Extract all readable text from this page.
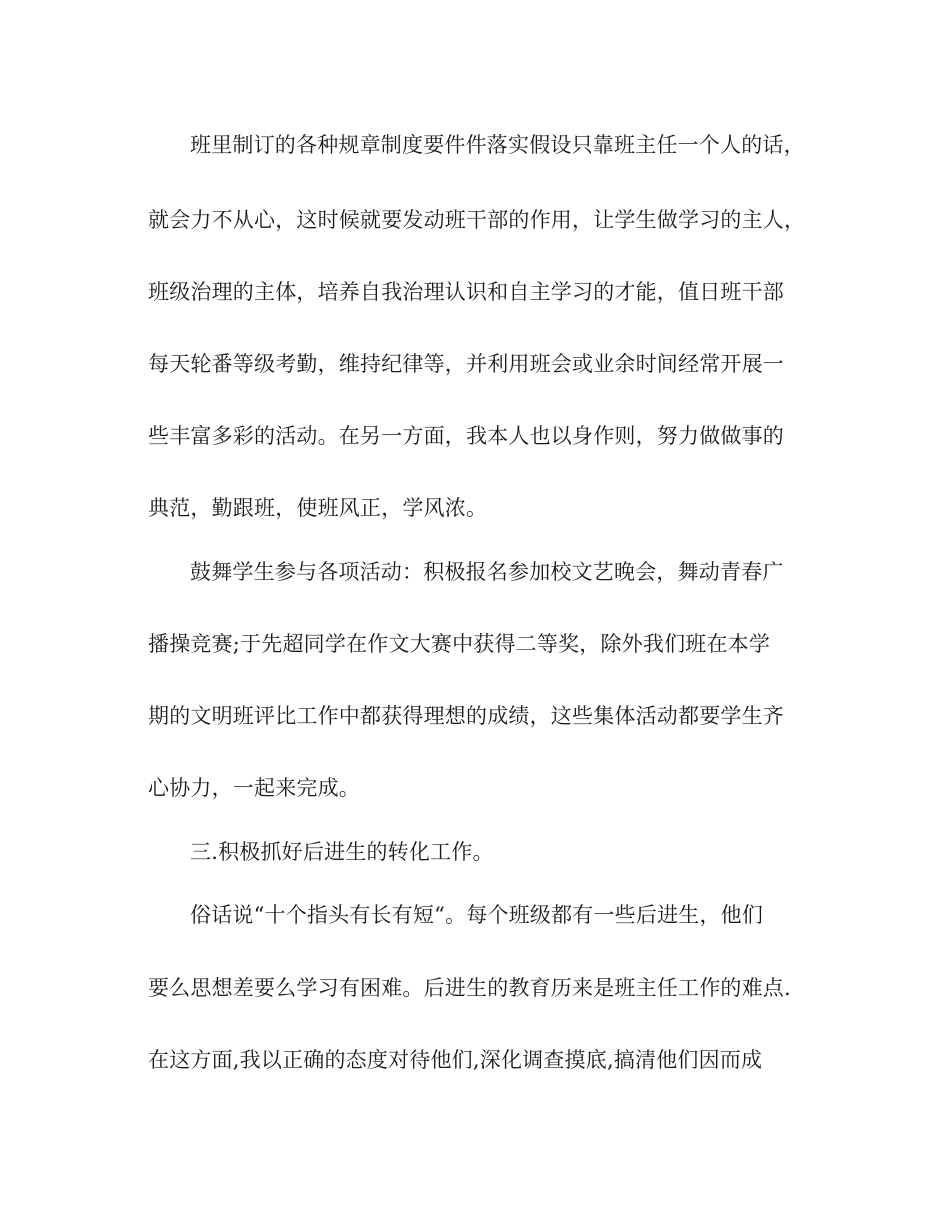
班里制订的各种规章制度要件件落实假设只靠班主任一个人的话，
就会力不从心，这时候就要发动班干部的作用，让学生做学习的主人，
班级治理的主体，培养自我治理认识和自主学习的才能，值日班干部
每天轮番等级考勤，维持纪律等，并利用班会或业余时间经常开展一
些丰富多彩的活动。在另一方面，我本人也以身作则，努力做做事的
典范，勤跟班，使班风正，学风浓。
鼓舞学生参与各项活动：积极报名参加校文艺晚会，舞动青春广
播操竞赛;于先超同学在作文大赛中获得二等奖，除外我们班在本学
期的文明班评比工作中都获得理想的成绩，这些集体活动都要学生齐
心协力，一起来完成。
三.积极抓好后进生的转化工作。
俗话说“十个指头有长有短“。每个班级都有一些后进生，他们
要么思想差要么学习有困难。后进生的教育历来是班主任工作的难点.
在这方面,我以正确的态度对待他们,深化调查摸底,搞清他们因而成
